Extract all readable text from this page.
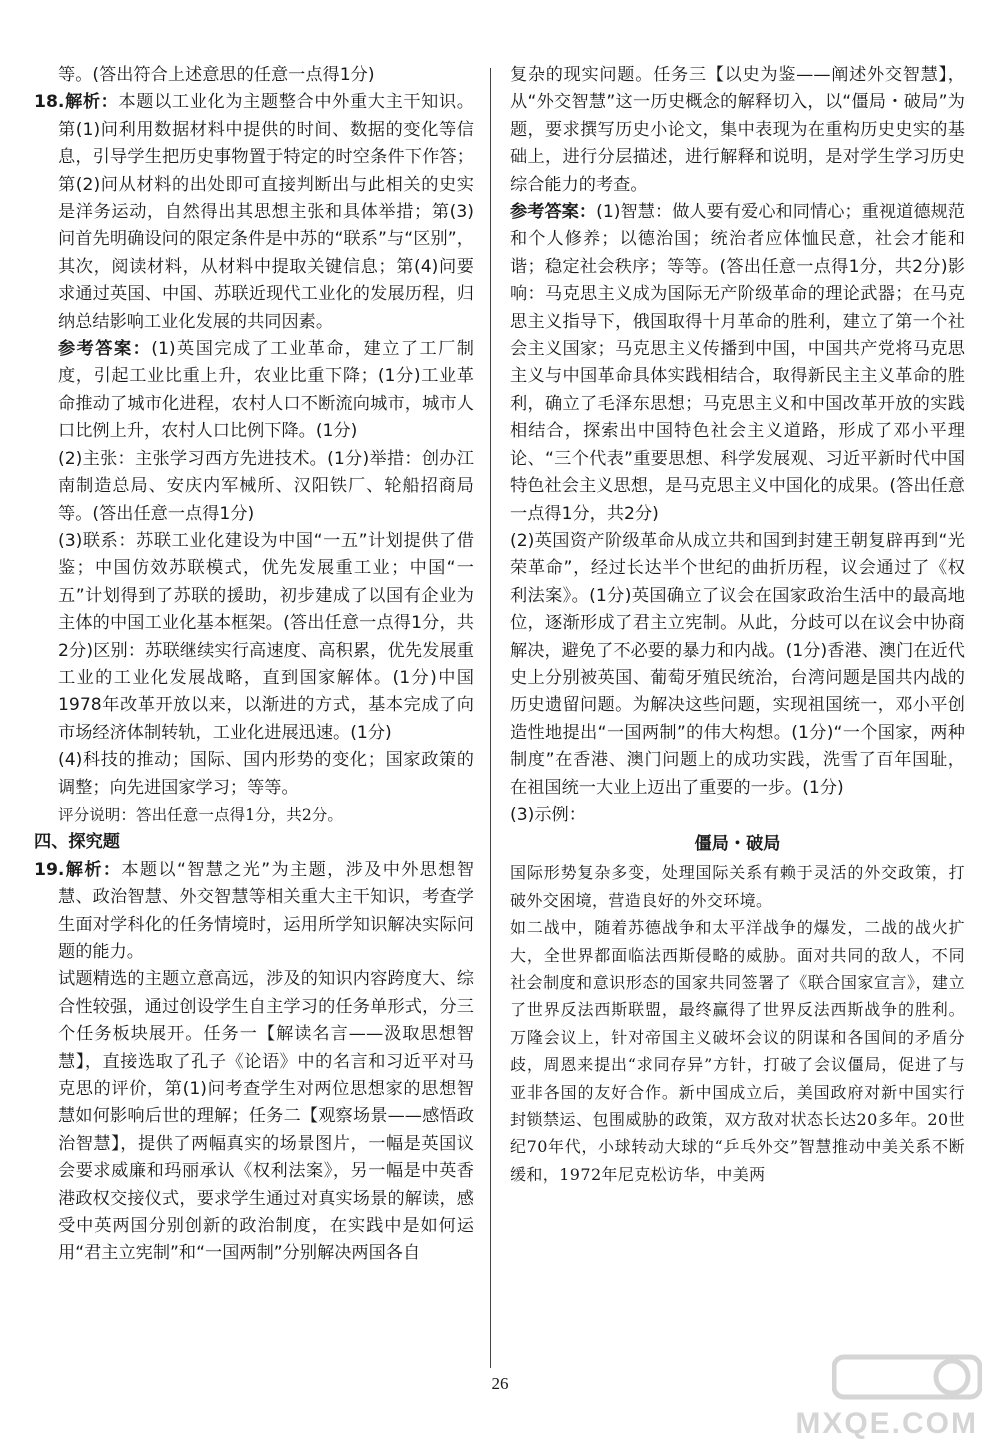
等。(答出符合上述意思的任意一点得1分)

18.解析：本题以工业化为主题整合中外重大主干知识。第(1)问利用数据材料中提供的时间、数据的变化等信息，引导学生把历史事物置于特定的时空条件下作答；第(2)问从材料的出处即可直接判断出与此相关的史实是洋务运动，自然得出其思想主张和具体举措；第(3)问首先明确设问的限定条件是中苏的“联系”与“区别”，其次，阅读材料，从材料中提取关键信息；第(4)问要求通过英国、中国、苏联近现代工业化的发展历程，归纳总结影响工业化发展的共同因素。

参考答案：(1)英国完成了工业革命，建立了工厂制度，引起工业比重上升，农业比重下降；(1分)工业革命推动了城市化进程，农村人口不断流向城市，城市人口比例上升，农村人口比例下降。(1分)

(2)主张：主张学习西方先进技术。(1分)举措：创办江南制造总局、安庆内军械所、汉阳铁厂、轮船招商局等。(答出任意一点得1分)

(3)联系：苏联工业化建设为中国“一五”计划提供了借鉴；中国仿效苏联模式，优先发展重工业；中国“一五”计划得到了苏联的援助，初步建成了以国有企业为主体的中国工业化基本框架。(答出任意一点得1分，共2分)区别：苏联继续实行高速度、高积累，优先发展重工业的工业化发展战略，直到国家解体。(1分)中国1978年改革开放以来，以渐进的方式，基本完成了向市场经济体制转轨，工业化进展迅速。(1分)

(4)科技的推动；国际、国内形势的变化；国家政策的调整；向先进国家学习；等等。

评分说明：答出任意一点得1分，共2分。

四、探究题

19.解析：本题以“智慧之光”为主题，涉及中外思想智慧、政治智慧、外交智慧等相关重大主干知识，考查学生面对学科化的任务情境时，运用所学知识解决实际问题的能力。

试题精选的主题立意高远，涉及的知识内容跨度大、综合性较强，通过创设学生自主学习的任务单形式，分三个任务板块展开。任务一【解读名言——汲取思想智慧】，直接选取了孔子《论语》中的名言和习近平对马克思的评价，第(1)问考查学生对两位思想家的思想智慧如何影响后世的理解；任务二【观察场景——感悟政治智慧】，提供了两幅真实的场景图片，一幅是英国议会要求威廉和玛丽承认《权利法案》，另一幅是中英香港政权交接仪式，要求学生通过对真实场景的解读，感受中英两国分别创新的政治制度，在实践中是如何运用“君主立宪制”和“一国两制”分别解决两国各自

复杂的现实问题。任务三【以史为鉴——阐述外交智慧】，从“外交智慧”这一历史概念的解释切入，以“僵局・破局”为题，要求撰写历史小论文，集中表现为在重构历史史实的基础上，进行分层描述，进行解释和说明，是对学生学习历史综合能力的考查。

参考答案：(1)智慧：做人要有爱心和同情心；重视道德规范和个人修养；以德治国；统治者应体恤民意，社会才能和谐；稳定社会秩序；等等。(答出任意一点得1分，共2分)影响：马克思主义成为国际无产阶级革命的理论武器；在马克思主义指导下，俄国取得十月革命的胜利，建立了第一个社会主义国家；马克思主义传播到中国，中国共产党将马克思主义与中国革命具体实践相结合，取得新民主主义革命的胜利，确立了毛泽东思想；马克思主义和中国改革开放的实践相结合，探索出中国特色社会主义道路，形成了邓小平理论、“三个代表”重要思想、科学发展观、习近平新时代中国特色社会主义思想，是马克思主义中国化的成果。(答出任意一点得1分，共2分)

(2)英国资产阶级革命从成立共和国到封建王朝复辟再到“光荣革命”，经过长达半个世纪的曲折历程，议会通过了《权利法案》。(1分)英国确立了议会在国家政治生活中的最高地位，逐渐形成了君主立宪制。从此，分歧可以在议会中协商解决，避免了不必要的暴力和内战。(1分)香港、澳门在近代史上分别被英国、葡萄牙殖民统治，台湾问题是国共内战的历史遗留问题。为解决这些问题，实现祖国统一，邓小平创造性地提出“一国两制”的伟大构想。(1分)“一个国家，两种制度”在香港、澳门问题上的成功实践，洗雪了百年国耻，在祖国统一大业上迈出了重要的一步。(1分)

(3)示例：

僵局・破局

国际形势复杂多变，处理国际关系有赖于灵活的外交政策，打破外交困境，营造良好的外交环境。

如二战中，随着苏德战争和太平洋战争的爆发，二战的战火扩大，全世界都面临法西斯侵略的威胁。面对共同的敌人，不同社会制度和意识形态的国家共同签署了《联合国家宣言》，建立了世界反法西斯联盟，最终赢得了世界反法西斯战争的胜利。万隆会议上，针对帝国主义破坏会议的阴谋和各国间的矛盾分歧，周恩来提出“求同存异”方针，打破了会议僵局，促进了与亚非各国的友好合作。新中国成立后，美国政府对新中国实行封锁禁运、包围威胁的政策，双方敌对状态长达20多年。20世纪70年代，小球转动大球的“乒乓外交”智慧推动中美关系不断缓和，1972年尼克松访华，中美两

26
MXQE.COM
